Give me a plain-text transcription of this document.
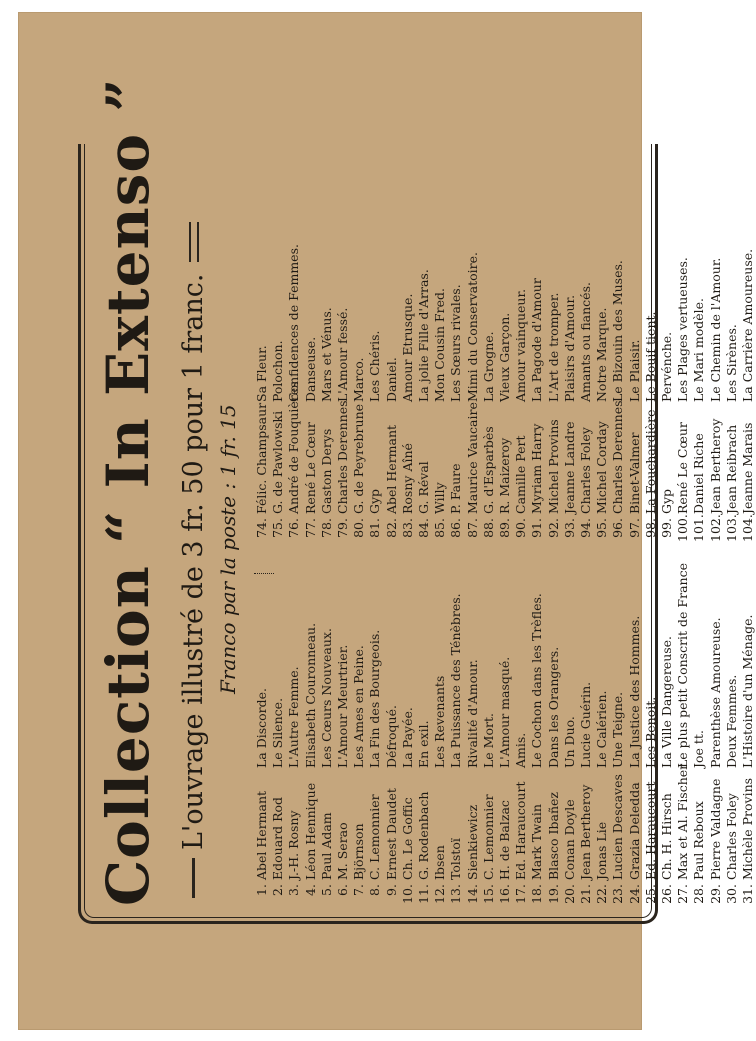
Collection “ In Extenso ” L'ouvrage illustré de 3 fr. 50 pour 1 franc. Franco par la poste : 1 fr. 15
1.
Abel Hermant
La Discorde.
2.
Edouard Rod
Le Silence.
3.
J.-H. Rosny
L'Autre Femme.
4.
Léon Hennique
Elisabeth Couronneau.
5.
Paul Adam
Les Cœurs Nouveaux.
6.
M. Serao
L'Amour Meurtrier.
7.
Björnson
Les Ames en Peine.
8.
C. Lemonnier
La Fin des Bourgeois.
9.
Ernest Daudet
Défroqué.
10.
Ch. Le Goffic
La Payée.
11.
G. Rodenbach
En exil.
12.
Ibsen
Les Revenants
13.
Tolstoï
La Puissance des Ténèbres.
14.
Sienkiewicz
Rivalité d'Amour.
15.
C. Lemonnier
Le Mort.
16.
H. de Balzac
L'Amour masqué.
17.
Ed. Haraucourt
Amis.
18.
Mark Twain
Le Cochon dans les Trèfles.
19.
Blasco Ibañez
Dans les Orangers.
20.
Conan Doyle
Un Duo.
21.
Jean Bertheroy
Lucie Guérin.
22.
Jonas Lie
Le Calérien.
23.
Lucien Descaves
Une Teigne.
24.
Grazia Deledda
La Justice des Hommes.
25.
Ed. Haraucourt
Les Benoit.
26.
Ch. H. Hirsch
La Ville Dangereuse.
27.
Max et Al. Fischer
Le plus petit Conscrit de France
28.
Paul Reboux
Joe tt.
29.
Pierre Valdagne
Parenthèse Amoureuse.
30.
Charles Foley
Deux Femmes.
31.
Michèle Provins
L'Histoire d'un Ménage.
74.
Félic. Champsaur
Sa Fleur.
75.
G. de Pawlowski
Polochon.
76.
André de Fouquières
Confidences de Femmes.
77.
René Le Cœur
Danseuse.
78.
Gaston Derys
Mars et Vénus.
79.
Charles Derennes
L'Amour fessé.
80.
G. de Peyrebrune
Marco.
81.
Gyp
Les Chéris.
82.
Abel Hermant
Daniel.
83.
Rosny Aîné
Amour Etrusque.
84.
G. Réval
La jolie Fille d'Arras.
85.
Willy
Mon Cousin Fred.
86.
P. Faure
Les Sœurs rivales.
87.
Maurice Vaucaire
Mimi du Conservatoire.
88.
G. d'Esparbès
La Grogne.
89.
R. Maizeroy
Vieux Garçon.
90.
Camille Pert
Amour vainqueur.
91.
Myriam Harry
La Pagode d'Amour
92.
Michel Provins
L'Art de tromper.
93.
Jeanne Landre
Plaisirs d'Amour.
94.
Charles Foley
Amants ou fiancés.
95.
Michel Corday
Notre Marque.
96.
Charles Derennes
Le Bizouin des Muses.
97.
Binet-Valmer
Le Plaisir.
98.
La Fouchardière
Le Bouif tient.
99.
Gyp
Pervénche.
100.
René Le Cœur
Les Plages vertueuses.
101.
Daniel Riche
Le Mari modèle.
102.
Jean Bertheroy
Le Chemin de l'Amour.
103.
Jean Reibrach
Les Sirènes.
104.
Jeanne Marais
La Carrière Amoureuse.
